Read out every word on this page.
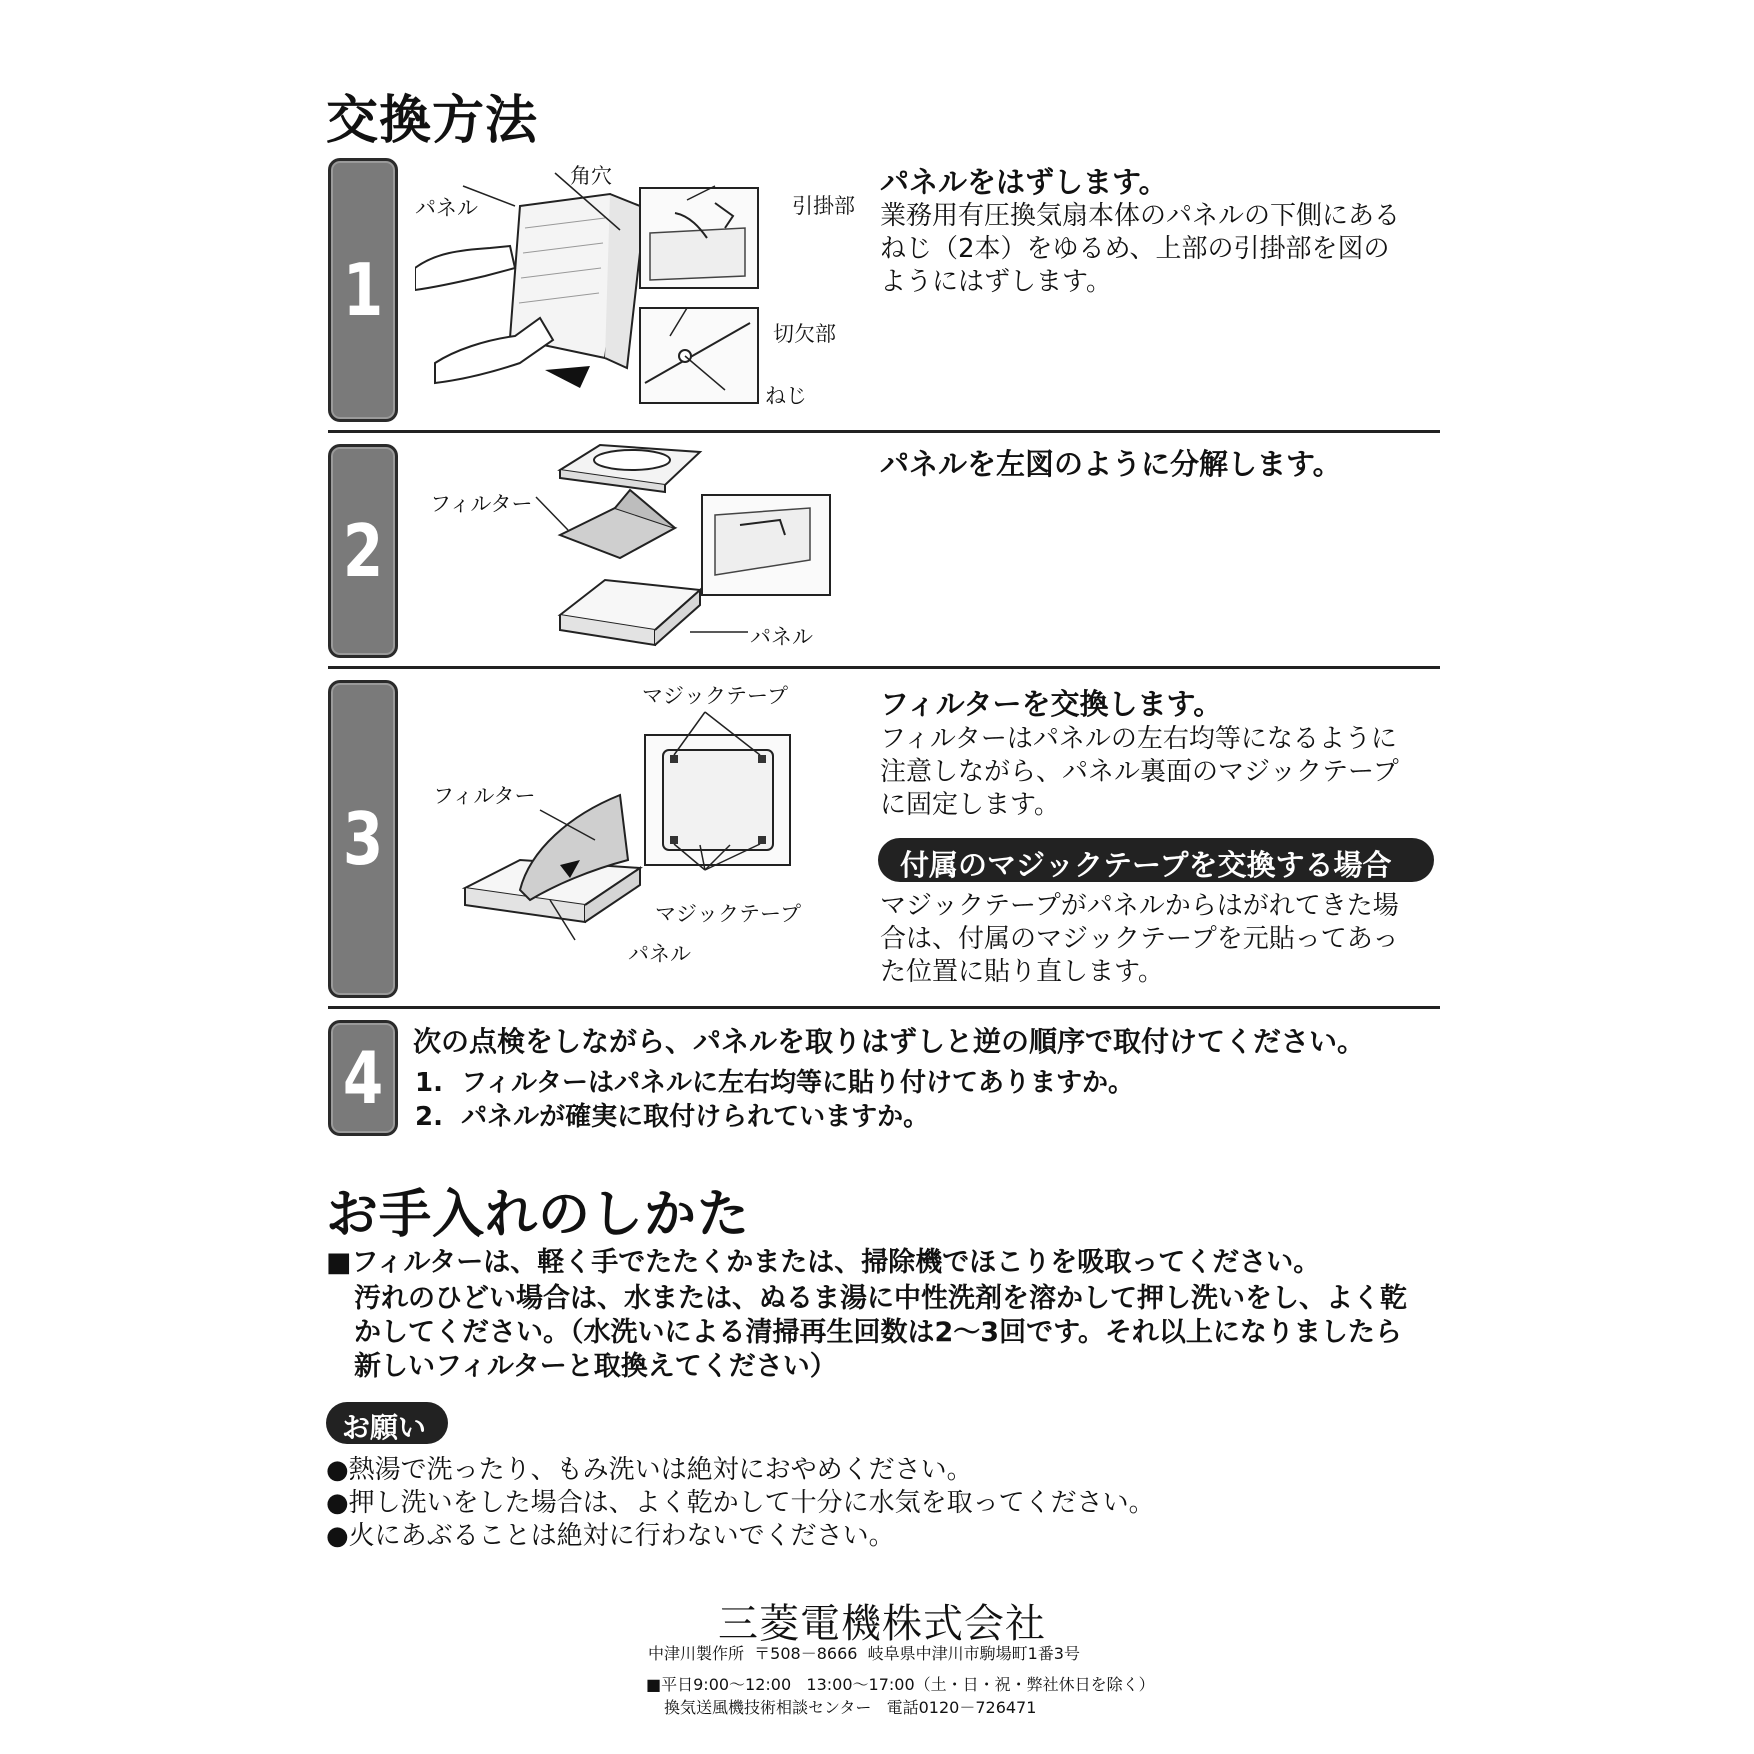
交換方法
1
角穴
パネル	引掛部
切欠部
ねじ
パネルをはずします。
業務用有圧換気扇本体のパネルの下側にある
ねじ（2本）をゆるめ、上部の引掛部を図の
ようにはずします。
2
フィルター
パネル
パネルを左図のように分解します。
3
マジックテープ
フィルター
マジックテープ
パネル
フィルターを交換します。
フィルターはパネルの左右均等になるように
注意しながら、パネル裏面のマジックテープ
に固定します。
付属のマジックテープを交換する場合
マジックテープがパネルからはがれてきた場
合は、付属のマジックテープを元貼ってあっ
た位置に貼り直します。
4	次の点検をしながら、パネルを取りはずしと逆の順序で取付けてください。
1.  フィルターはパネルに左右均等に貼り付けてありますか。
2.  パネルが確実に取付けられていますか。
お手入れのしかた
■フィルターは、軽く手でたたくかまたは、掃除機でほこりを吸取ってください。
汚れのひどい場合は、水または、ぬるま湯に中性洗剤を溶かして押し洗いをし、よく乾
かしてください。（水洗いによる清掃再生回数は2～3回です。それ以上になりましたら
新しいフィルターと取換えてください）
お願い
●熱湯で洗ったり、もみ洗いは絶対におやめください。
●押し洗いをした場合は、よく乾かして十分に水気を取ってください。
●火にあぶることは絶対に行わないでください。
三菱電機株式会社
中津川製作所  〒508－8666  岐阜県中津川市駒場町1番3号
■平日9:00～12:00   13:00～17:00（土・日・祝・弊社休日を除く）
換気送風機技術相談センター   電話0120－726471
